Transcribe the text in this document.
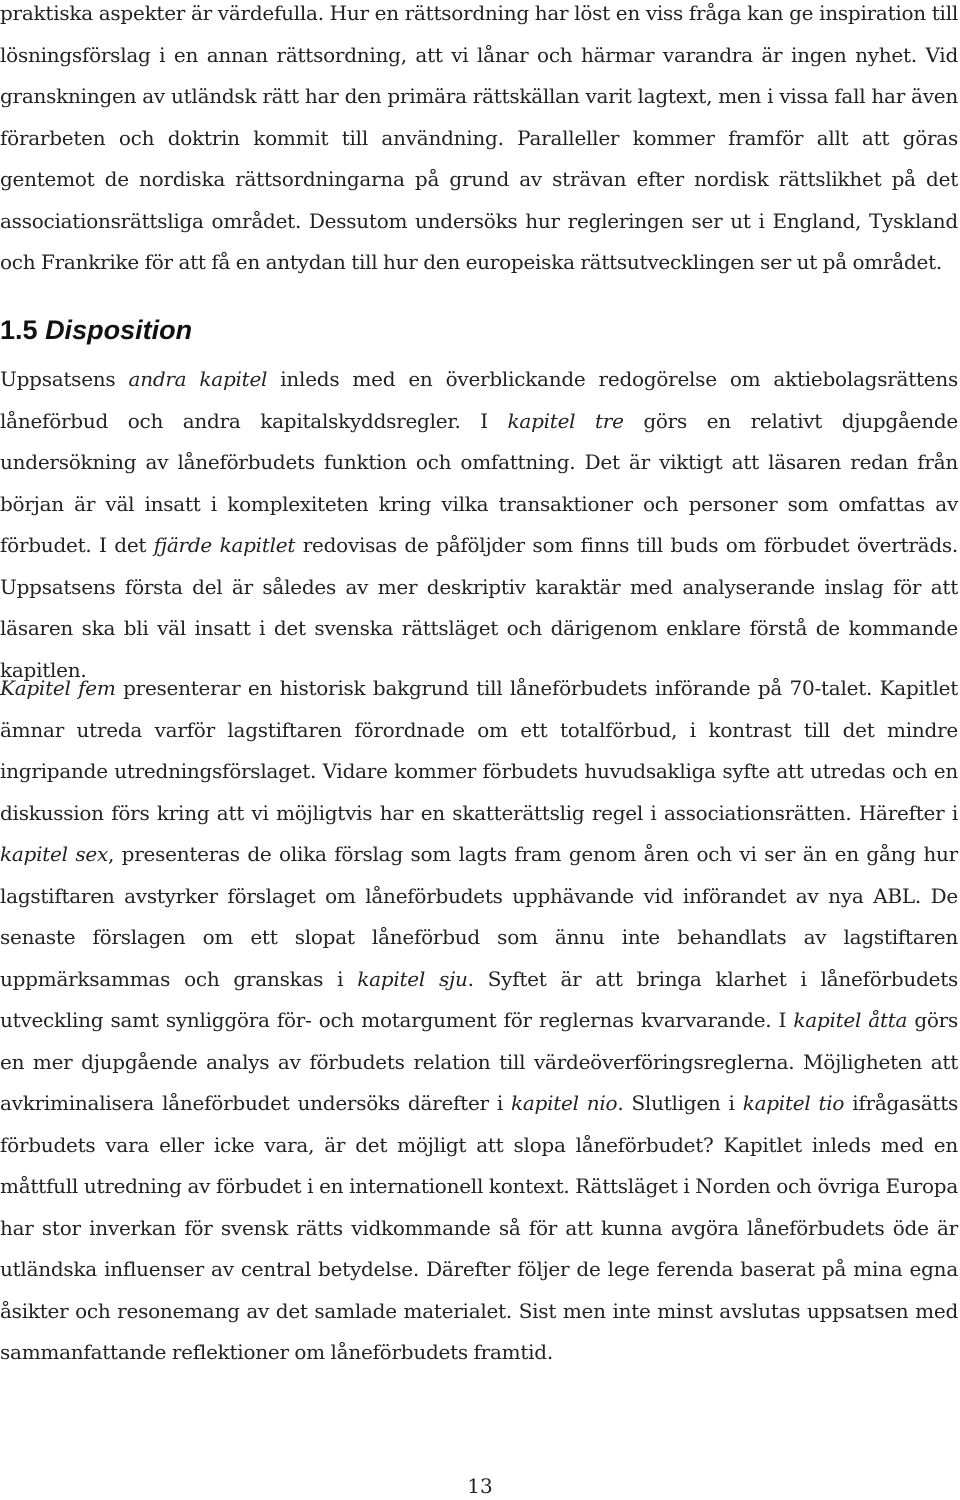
praktiska aspekter är värdefulla. Hur en rättsordning har löst en viss fråga kan ge inspiration till lösningsförslag i en annan rättsordning, att vi lånar och härmar varandra är ingen nyhet. Vid granskningen av utländsk rätt har den primära rättskällan varit lagtext, men i vissa fall har även förarbeten och doktrin kommit till användning. Paralleller kommer framför allt att göras gentemot de nordiska rättsordningarna på grund av strävan efter nordisk rättslikhet på det associationsrättsliga området. Dessutom undersöks hur regleringen ser ut i England, Tyskland och Frankrike för att få en antydan till hur den europeiska rättsutvecklingen ser ut på området.

1.5 Disposition

Uppsatsens andra kapitel inleds med en överblickande redogörelse om aktiebolagsrättens låneförbud och andra kapitalskyddsregler. I kapitel tre görs en relativt djupgående undersökning av låneförbudets funktion och omfattning. Det är viktigt att läsaren redan från början är väl insatt i komplexiteten kring vilka transaktioner och personer som omfattas av förbudet. I det fjärde kapitlet redovisas de påföljder som finns till buds om förbudet överträds. Uppsatsens första del är således av mer deskriptiv karaktär med analyserande inslag för att läsaren ska bli väl insatt i det svenska rättsläget och därigenom enklare förstå de kommande kapitlen.

Kapitel fem presenterar en historisk bakgrund till låneförbudets införande på 70-talet. Kapitlet ämnar utreda varför lagstiftaren förordnade om ett totalförbud, i kontrast till det mindre ingripande utredningsförslaget. Vidare kommer förbudets huvudsakliga syfte att utredas och en diskussion förs kring att vi möjligtvis har en skatterättslig regel i associationsrätten. Härefter i kapitel sex, presenteras de olika förslag som lagts fram genom åren och vi ser än en gång hur lagstiftaren avstyrker förslaget om låneförbudets upphävande vid införandet av nya ABL. De senaste förslagen om ett slopat låneförbud som ännu inte behandlats av lagstiftaren uppmärksammas och granskas i kapitel sju. Syftet är att bringa klarhet i låneförbudets utveckling samt synliggöra för- och motargument för reglernas kvarvarande. I kapitel åtta görs en mer djupgående analys av förbudets relation till värdeöverföringsreglerna. Möjligheten att avkriminalisera låneförbudet undersöks därefter i kapitel nio. Slutligen i kapitel tio ifrågasätts förbudets vara eller icke vara, är det möjligt att slopa låneförbudet? Kapitlet inleds med en måttfull utredning av förbudet i en internationell kontext. Rättsläget i Norden och övriga Europa har stor inverkan för svensk rätts vidkommande så för att kunna avgöra låneförbudets öde är utländska influenser av central betydelse. Därefter följer de lege ferenda baserat på mina egna åsikter och resonemang av det samlade materialet. Sist men inte minst avslutas uppsatsen med sammanfattande reflektioner om låneförbudets framtid.

13
